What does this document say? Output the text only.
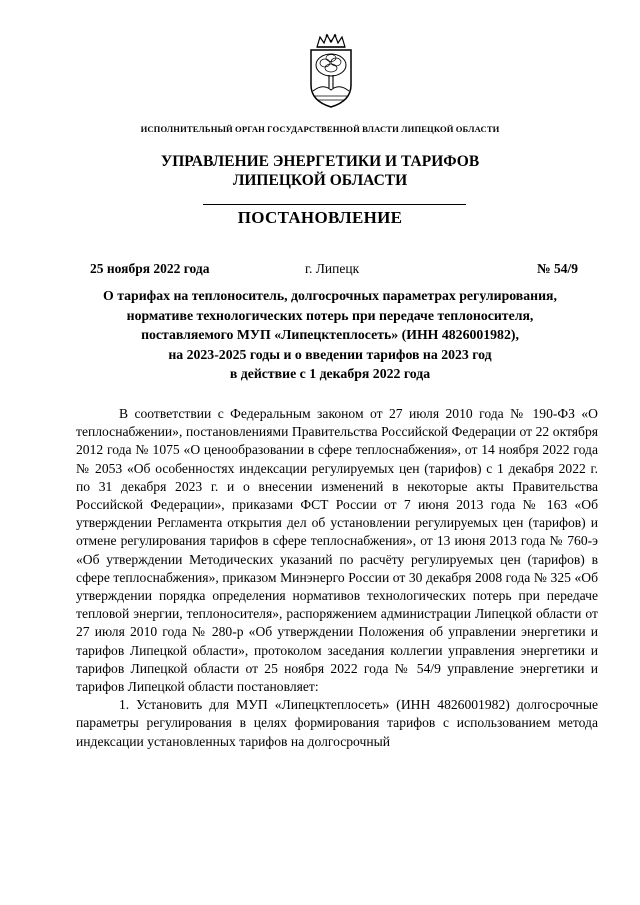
ИСПОЛНИТЕЛЬНЫЙ ОРГАН ГОСУДАРСТВЕННОЙ ВЛАСТИ ЛИПЕЦКОЙ ОБЛАСТИ
УПРАВЛЕНИЕ ЭНЕРГЕТИКИ И ТАРИФОВ
ЛИПЕЦКОЙ ОБЛАСТИ
ПОСТАНОВЛЕНИЕ
25 ноября 2022 года	г. Липецк	№ 54/9
О тарифах на теплоноситель, долгосрочных параметрах регулирования,
нормативе технологических потерь при передаче теплоносителя,
поставляемого МУП «Липецктеплосеть» (ИНН 4826001982),
на 2023-2025 годы и о введении тарифов на 2023 год
в действие с 1 декабря 2022 года

В соответствии с Федеральным законом от 27 июля 2010 года № 190-ФЗ «О теплоснабжении», постановлениями Правительства Российской Федерации от 22 октября 2012 года № 1075 «О ценообразовании в сфере теплоснабжения», от 14 ноября 2022 года № 2053 «Об особенностях индексации регулируемых цен (тарифов) с 1 декабря 2022 г. по 31 декабря 2023 г. и о внесении изменений в некоторые акты Правительства Российской Федерации», приказами ФСТ России от 7 июня 2013 года № 163 «Об утверждении Регламента открытия дел об установлении регулируемых цен (тарифов) и отмене регулирования тарифов в сфере теплоснабжения», от 13 июня 2013 года № 760-э «Об утверждении Методических указаний по расчёту регулируемых цен (тарифов) в сфере теплоснабжения», приказом Минэнерго России от 30 декабря 2008 года № 325 «Об утверждении порядка определения нормативов технологических потерь при передаче тепловой энергии, теплоносителя», распоряжением администрации Липецкой области от 27 июля 2010 года № 280-р «Об утверждении Положения об управлении энергетики и тарифов Липецкой области», протоколом заседания коллегии управления энергетики и тарифов Липецкой области от 25 ноября 2022 года № 54/9 управление энергетики и тарифов Липецкой области постановляет:

1. Установить для МУП «Липецктеплосеть» (ИНН 4826001982) долгосрочные параметры регулирования в целях формирования тарифов с использованием метода индексации установленных тарифов на долгосрочный
